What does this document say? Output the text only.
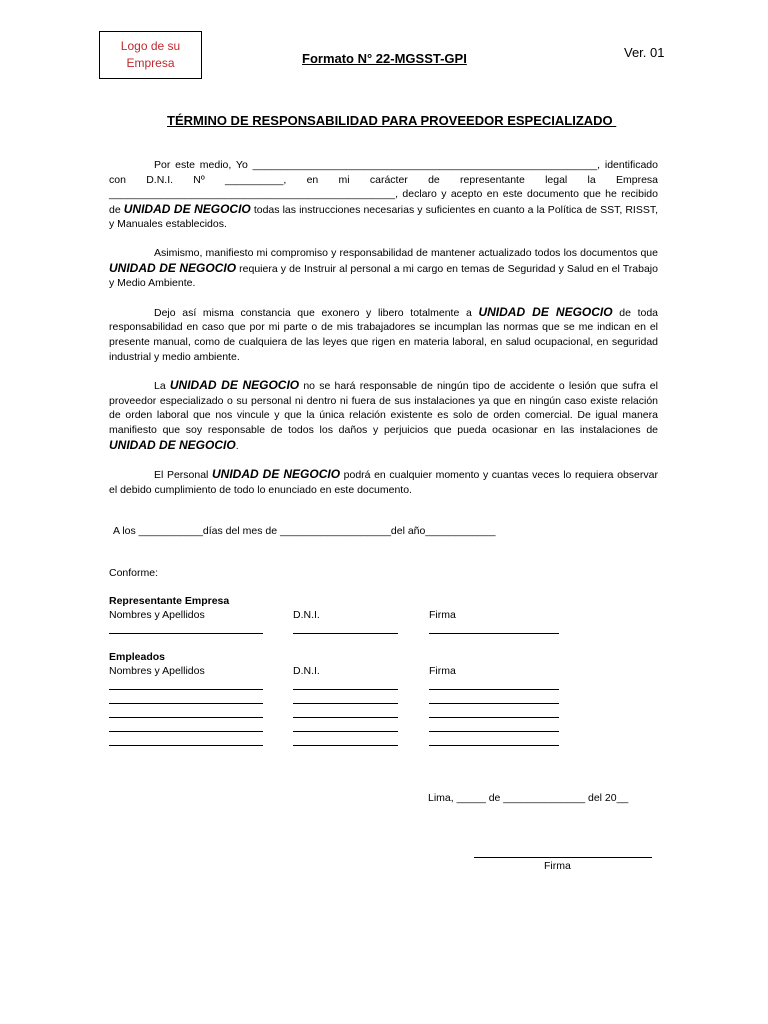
Logo de su
Empresa	Formato N° 22-MGSST-GPI	Ver. 01
TÉRMINO DE RESPONSABILIDAD PARA PROVEEDOR ESPECIALIZADO

Por este medio, Yo ___________________________________________________________, identificado con D.N.I. Nº __________, en mi carácter de representante legal la Empresa _________________________________________________, declaro y acepto en este documento que he recibido de UNIDAD DE NEGOCIO todas las instrucciones necesarias y suficientes en cuanto a la Política de SST, RISST, y Manuales establecidos.

Asimismo, manifiesto mi compromiso y responsabilidad de mantener actualizado todos los documentos que UNIDAD DE NEGOCIO requiera y de Instruir al personal a mi cargo en temas de Seguridad y Salud en el Trabajo y Medio Ambiente.

Dejo así misma constancia que exonero y libero totalmente a UNIDAD DE NEGOCIO de toda responsabilidad en caso que por mi parte o de mis trabajadores se incumplan las normas que se me indican en el presente manual, como de cualquiera de las leyes que rigen en materia laboral, en salud ocupacional, en seguridad industrial y medio ambiente.

La UNIDAD DE NEGOCIO no se hará responsable de ningún tipo de accidente o lesión que sufra el proveedor especializado o su personal ni dentro ni fuera de sus instalaciones ya que en ningún caso existe relación de orden laboral que nos vincule y que la única relación existente es solo de orden comercial. De igual manera manifiesto que soy responsable de todos los daños y perjuicios que pueda ocasionar en las instalaciones de UNIDAD DE NEGOCIO.

El Personal UNIDAD DE NEGOCIO podrá en cualquier momento y cuantas veces lo requiera observar el debido cumplimiento de todo lo enunciado en este documento.

A los ___________días del mes de ___________________del año____________
Conforme:
Representante Empresa
Nombres y Apellidos	D.N.I.	Firma
Empleados
Nombres y Apellidos	D.N.I.	Firma
Lima, _____ de ______________ del 20__
Firma
